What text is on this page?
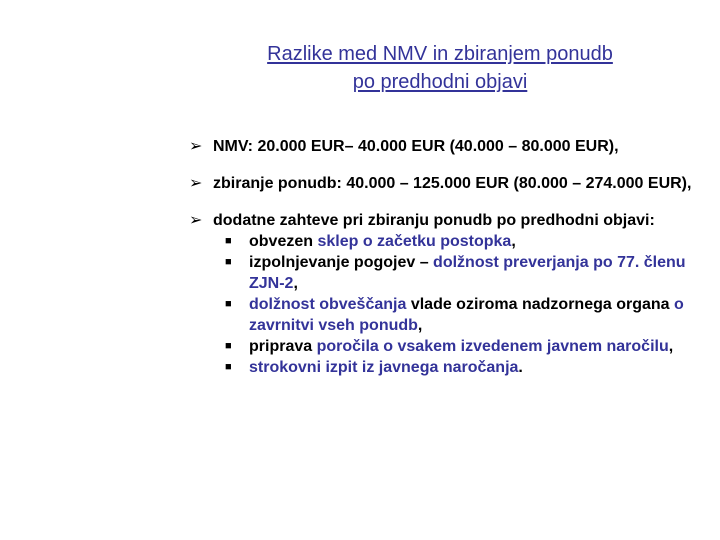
Razlike med NMV in zbiranjem ponudb
po predhodni objavi
➢ NMV: 20.000 EUR– 40.000 EUR (40.000 – 80.000 EUR),
➢ zbiranje ponudb: 40.000 – 125.000 EUR (80.000 – 274.000 EUR),
➢ dodatne zahteve pri zbiranju ponudb po predhodni objavi:
■ obvezen sklep o začetku postopka,
■ izpolnjevanje pogojev – dolžnost preverjanja po 77. členu ZJN-2,
■ dolžnost obveščanja vlade oziroma nadzornega organa o zavrnitvi vseh ponudb,
■ priprava poročila o vsakem izvedenem javnem naročilu,
■ strokovni izpit iz javnega naročanja.
